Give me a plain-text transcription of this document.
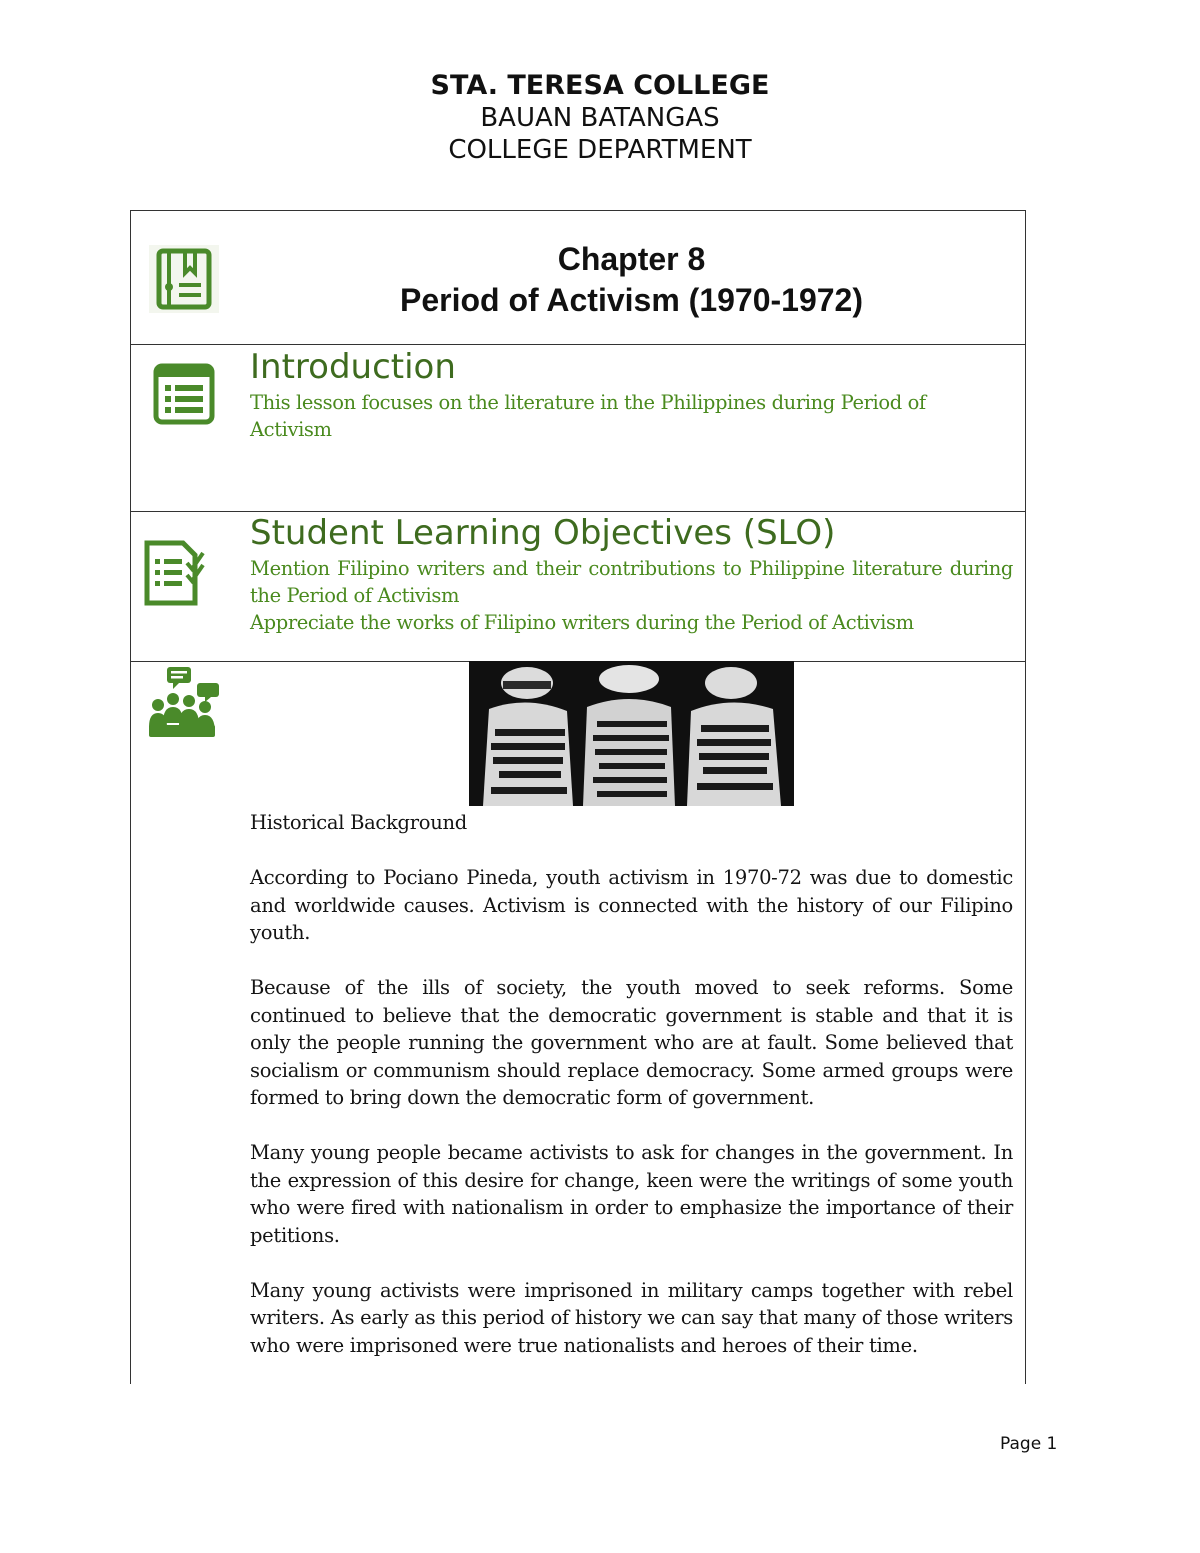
STA. TERESA COLLEGE
BAUAN BATANGAS
COLLEGE DEPARTMENT
Chapter 8
Period of Activism (1970-1972)
Introduction
This lesson focuses on the literature in the Philippines during Period of Activism
Student Learning Objectives (SLO)
Mention Filipino writers and their contributions to Philippine literature during the Period of Activism
Appreciate the works of Filipino writers during the Period of Activism

Historical Background

According to Pociano Pineda, youth activism in 1970-72 was due to domestic and worldwide causes. Activism is connected with the history of our Filipino youth.

Because of the ills of society, the youth moved to seek reforms. Some continued to believe that the democratic government is stable and that it is only the people running the government who are at fault. Some believed that socialism or communism should replace democracy. Some armed groups were formed to bring down the democratic form of government.

Many young people became activists to ask for changes in the government. In the expression of this desire for change, keen were the writings of some youth who were fired with nationalism in order to emphasize the importance of their petitions.

Many young activists were imprisoned in military camps together with rebel writers. As early as this period of history we can say that many of those writers who were imprisoned were true nationalists and heroes of their time.

Page 1
